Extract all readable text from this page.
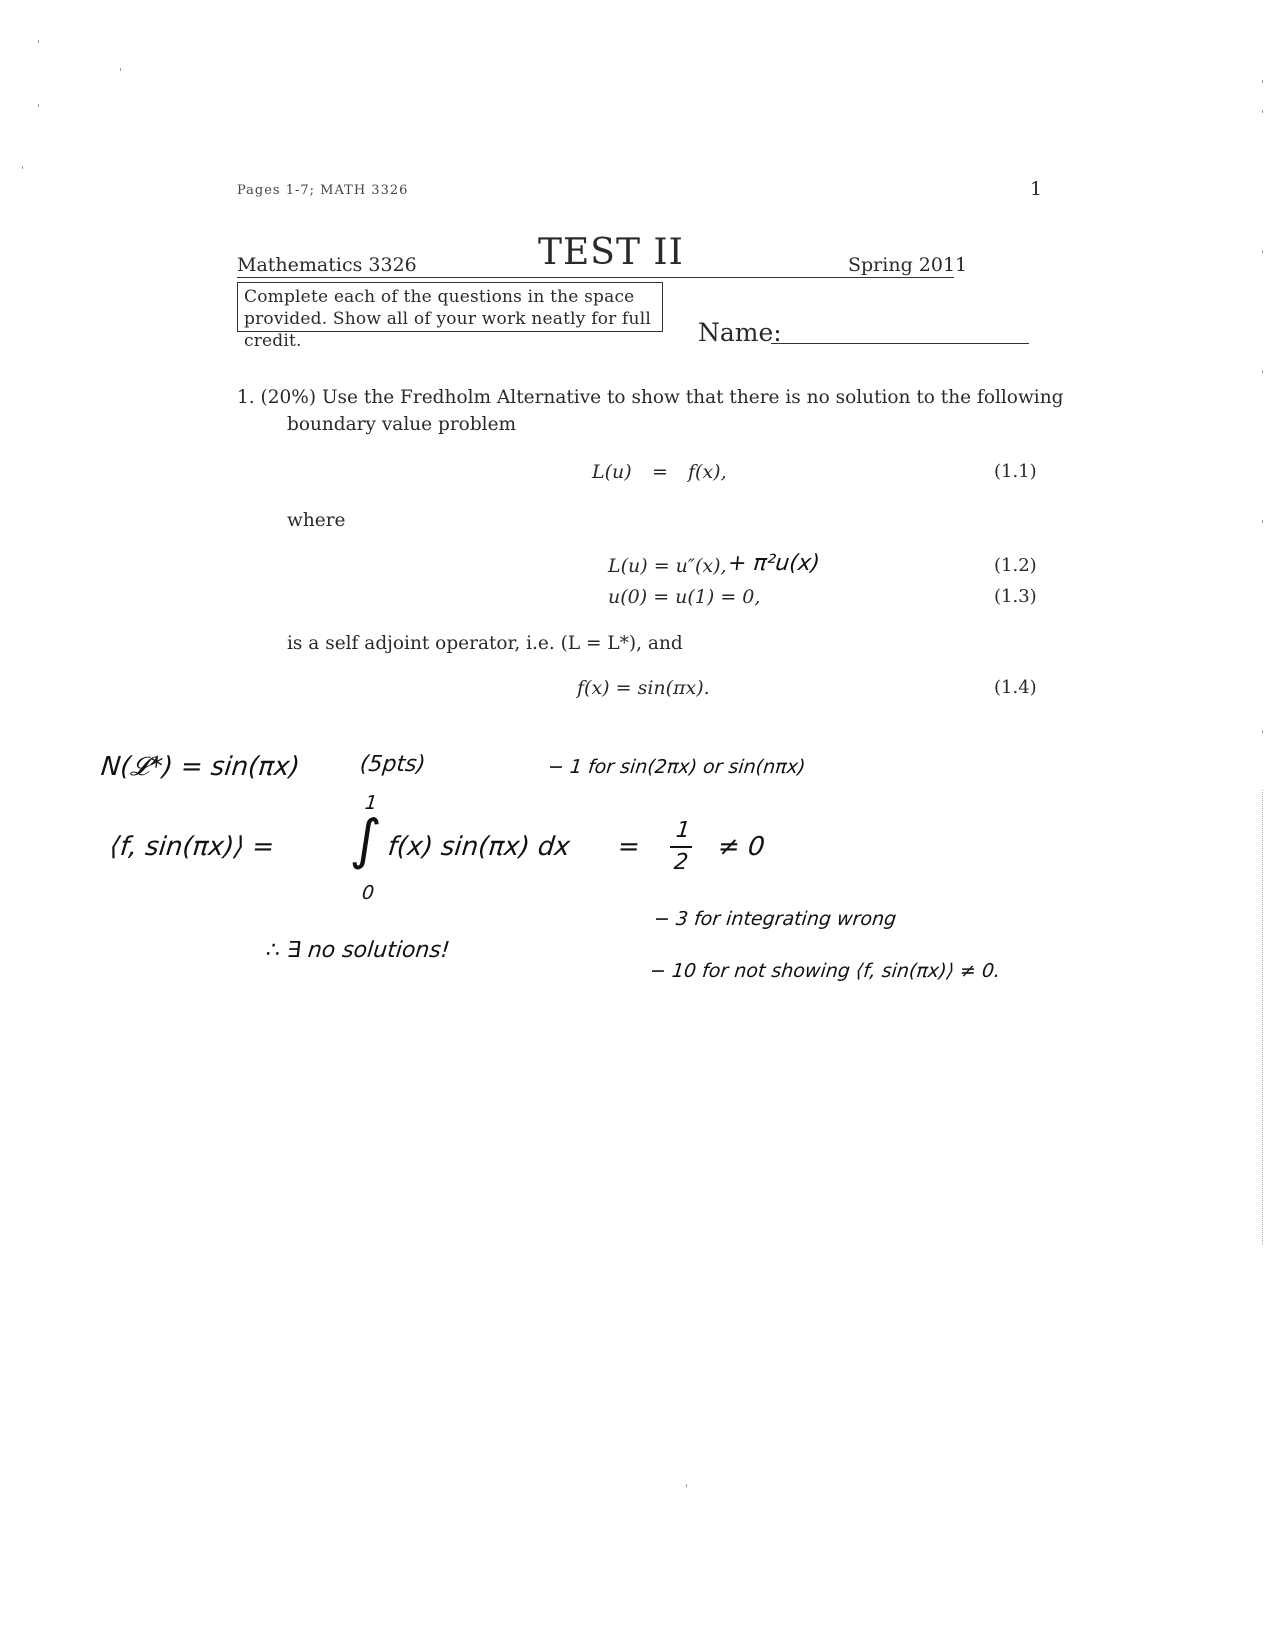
Pages 1-7; MATH 3326	1
Mathematics 3326	TEST II	Spring 2011
Complete each of the questions in the space provided. Show all of your work neatly for full credit.	Name:
1. (20%) Use the Fredholm Alternative to show that there is no solution to the following
boundary value problem
L(u) = f(x),	(1.1)
where
L(u) = u″(x), + π²u(x)	(1.2)
u(0) = u(1) = 0,	(1.3)
is a self adjoint operator, i.e. (L = L*), and
f(x) = sin(πx).	(1.4)
N(𝓛*) = sin(πx)	(5pts)	− 1 for sin(2πx) or sin(nπx)
⟨f, sin(πx)⟩ =
1
∫
0
f(x) sin(πx) dx =
1
2
≠ 0
∴ ∃ no solutions!
− 3 for integrating wrong
− 10 for not showing ⟨f, sin(πx)⟩ ≠ 0.
